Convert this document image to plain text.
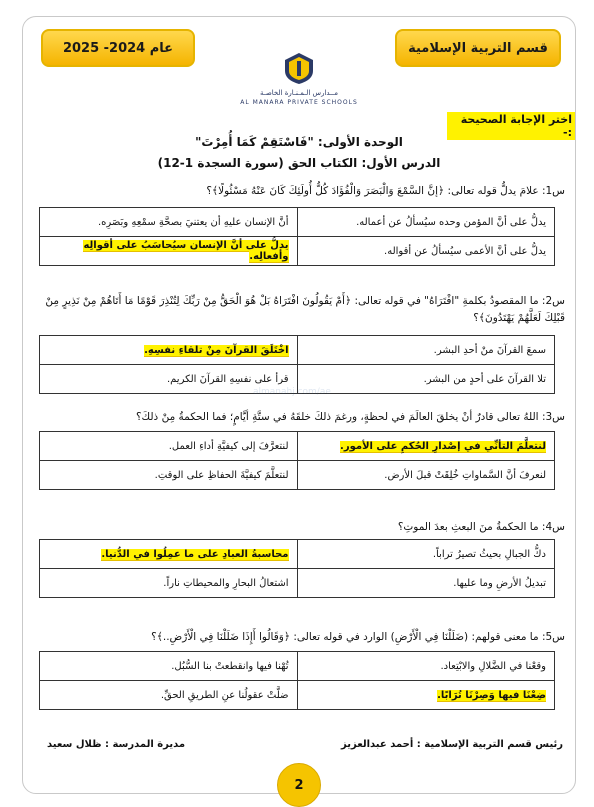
عام 2024- 2025	قسم التربية الإسلامية
مــدارس الـمـنـارة الخاصـة
AL MANARA PRIVATE SCHOOLS
اختر الإجابة الصحيحة :-
الوحدة الأولى: "فَاسْتَقِمْ كَمَا أُمِرْتَ"
الدرس الأول: الكتاب الحق (سورة السجدة 1-12)
س1: علامَ يدلُّ قوله تعالى: ﴿إنَّ السَّمْعَ وَالْبَصَرَ وَالْفُؤَادَ كُلُّ أُولَئِكَ كَانَ عَنْهُ مَسْئُولًا﴾؟
يدلُّ على أنَّ المؤمن وحده سيُسألُ عن أعماله.	أنَّ الإنسان عليهِ أن يعتنيَ بصحَّةِ سمْعِهِ وبَصَرِه.
يدلُّ على أنَّ الأعمى سيُسألُ عن أقواله.	يدلُّ على أنَّ الإنسان سيُحاسَبُ على أقوالِه وأفعالِه.
س2: ما المقصودُ بكلمةِ "افْتَرَاهُ" في قوله تعالى: ﴿أَمْ يَقُولُونَ افْتَرَاهُ بَلْ هُوَ الْحَقُّ مِنْ رَبِّكَ لِتُنْذِرَ قَوْمًا مَا أَتَاهُمْ مِنْ نَذِيرٍ مِنْ قَبْلِكَ لَعَلَّهُمْ يَهْتَدُونَ﴾؟
سمعَ القرآنَ منْ أحدِ البشر.	اخْتَلَقَ القرآنَ مِنْ تلقاءِ نفسِهِ.
تلا القرآنَ على أحدٍ من البشر.	قرأ على نفسِهِ القرآنَ الكريم.
almanahj.com/ae
س3: اللهُ تعالى قادرٌ أنْ يخلقَ العالَمَ في لحظةٍ، ورغمَ ذلكَ خلقَهُ في ستَّةِ أيَّامٍ؛ فما الحكمةُ مِنْ ذلكَ؟
لنتعلَّمَ التأنِّي في إصْدارِ الحُكمِ على الأمور.	لنتعرَّفَ إلى كيفيَّةِ أداءِ العمل.
لنعرفَ أنَّ السَّماواتِ خُلِقَتْ قبلَ الأرض.	لنتعلَّمَ كيفيَّةَ الحفاظِ على الوقتِ.
س4: ما الحكمةُ منَ البعثِ بعدَ الموتِ؟
دكُّ الجبالِ بحيثُ تصيرُ تراباً.	محاسبةُ العبادِ على ما عمِلُوا في الدُّنيا.
تبديلُ الأرضِ وما عليها.	اشتعالُ البحارِ والمحيطاتِ ناراً.
س5: ما معنى قولهم: (ضَلَلْنَا فِي الْأَرْضِ) الوارد في قوله تعالى: ﴿وَقَالُوا أَإِذَا ضَلَلْنَا فِي الْأَرْضِ..﴾؟
وقعْنا في الضَّلالِ والابْتِعاد.	تُهْنا فيها وانقطعتْ بنا السُّبُل.
ضِعْنَا فيها وَصِرْنَا تُرَابًا.	ضلَّتْ عقولُنا عنِ الطريقِ الحقِّ.
رئيس قسم التربية الإسلامية : أحمد عبدالعزيز
مديرة المدرسة : ظلال سعيد
2
